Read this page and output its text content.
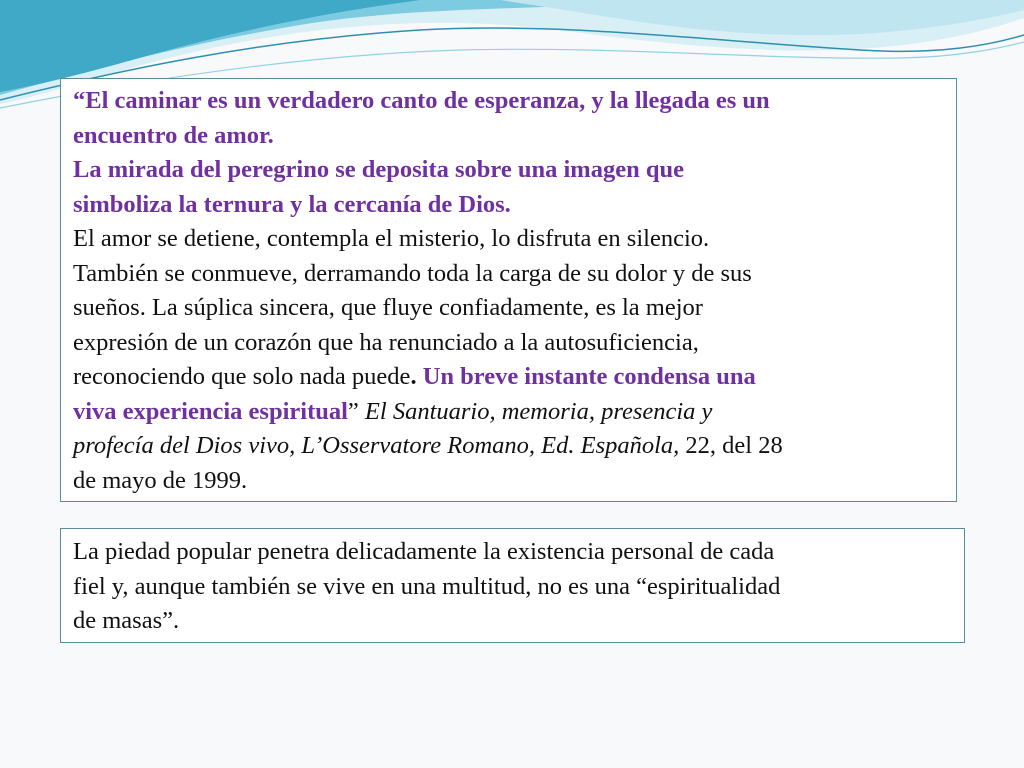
“El caminar es un verdadero canto de esperanza, y la llegada es un
encuentro de amor.
La mirada del peregrino se deposita sobre una imagen que
simboliza la ternura y la cercanía de Dios.
El amor se detiene, contempla el misterio, lo disfruta en silencio.
También se conmueve, derramando toda la carga de su dolor y de sus
sueños. La súplica sincera, que fluye confiadamente, es la mejor
expresión de un corazón que ha renunciado a la autosuficiencia,
reconociendo que solo nada puede. Un breve instante condensa una
viva experiencia espiritual” El Santuario, memoria, presencia y
profecía del Dios vivo, L’Osservatore Romano, Ed. Española, 22, del 28
de mayo de 1999.
La piedad popular penetra delicadamente la existencia personal de cada
fiel y, aunque también se vive en una multitud, no es una “espiritualidad
de masas”.
